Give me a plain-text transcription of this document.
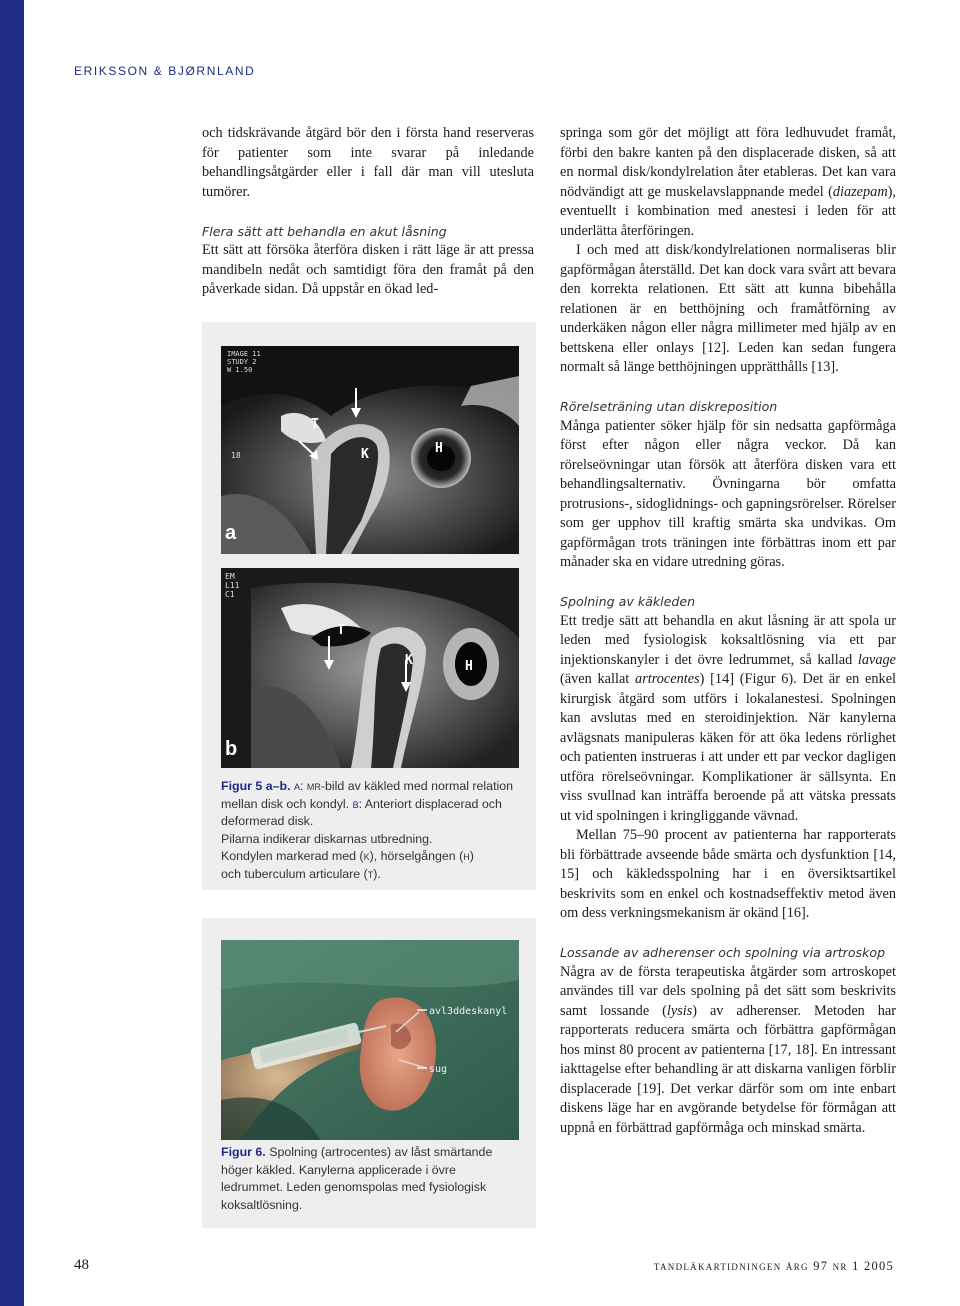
ERIKSSON & BJØRNLAND

och tidskrävande åtgärd bör den i första hand reserveras för patienter som inte svarar på inledande behandlingsåtgärder eller i fall där man vill utesluta tumörer.

Flera sätt att behandla en akut låsning

Ett sätt att försöka återföra disken i rätt läge är att pressa mandibeln nedåt och samtidigt föra den framåt på den påverkade sidan. Då uppstår en ökad led-

18
T
K	H
IMAGE 11
STUDY 2
W 1.50
a
T
K	H
EM
L11
C1
b

Figur 5 a–b. a: mr-bild av käkled med normal relation mellan disk och kondyl. b: Anteriort displacerad och deformerad disk.

Pilarna indikerar diskarnas utbredning.

Kondylen markerad med (k), hörselgången (h)

och tuberculum articulare (t).

avl3ddeskanyl
sug

Figur 6. Spolning (artrocentes) av låst smärtande höger käkled. Kanylerna applicerade i övre ledrummet. Leden genomspolas med fysiologisk koksaltlösning.

springa som gör det möjligt att föra ledhuvudet framåt, förbi den bakre kanten på den displacerade disken, så att en normal disk/kondylrelation åter etableras. Det kan vara nödvändigt att ge muskelavslappnande medel (diazepam), eventuellt i kombination med anestesi i leden för att underlätta återföringen.

I och med att disk/kondylrelationen normaliseras blir gapförmågan återställd. Det kan dock vara svårt att bevara den korrekta relationen. Ett sätt att kunna bibehålla relationen är en betthöjning och framåtförning av underkäken någon eller några millimeter med hjälp av en bettskena eller onlays [12]. Leden kan sedan fungera normalt så länge betthöjningen upprätthålls [13].

Rörelseträning utan diskreposition

Många patienter söker hjälp för sin nedsatta gapförmåga först efter någon eller några veckor. Då kan rörelseövningar utan försök att återföra disken vara ett behandlingsalternativ. Övningarna bör omfatta protrusions-, sidoglidnings- och gapningsrörelser. Rörelser som ger upphov till kraftig smärta ska undvikas. Om gapförmågan trots träningen inte förbättras inom ett par månader ska en vidare utredning göras.

Spolning av käkleden

Ett tredje sätt att behandla en akut låsning är att spola ur leden med fysiologisk koksaltlösning via ett par injektionskanyler i det övre ledrummet, så kallad lavage (även kallat artrocentes) [14] (Figur 6). Det är en enkel kirurgisk åtgärd som utförs i lokalanestesi. Spolningen kan avslutas med en steroidinjektion. När kanylerna avlägsnats manipuleras käken för att öka ledens rörlighet och patienten instrueras i att under ett par veckor dagligen utföra rörelseövningar. Komplikationer är sällsynta. En viss svullnad kan inträffa beroende på att vätska pressats ut vid spolningen i kringliggande vävnad.

Mellan 75–90 procent av patienterna har rapporterats bli förbättrade avseende både smärta och dysfunktion [14, 15] och käkledsspolning har i en översiktsartikel beskrivits som en enkel och kostnadseffektiv metod även om dess verkningsmekanism är okänd [16].

Lossande av adherenser och spolning via artroskop

Några av de första terapeutiska åtgärder som artroskopet användes till var dels spolning på det sätt som beskrivits samt lossande (lysis) av adherenser. Metoden har rapporterats reducera smärta och förbättra gapförmågan hos minst 80 procent av patienterna [17, 18]. En intressant iakttagelse efter behandling är att diskarna vanligen förblir displacerade [19]. Det verkar därför som om inte enbart diskens läge har en avgörande betydelse för förmågan att uppnå en förbättrad gapförmåga och minskad smärta.

48	tandläkartidningen årg 97 nr 1 2005
